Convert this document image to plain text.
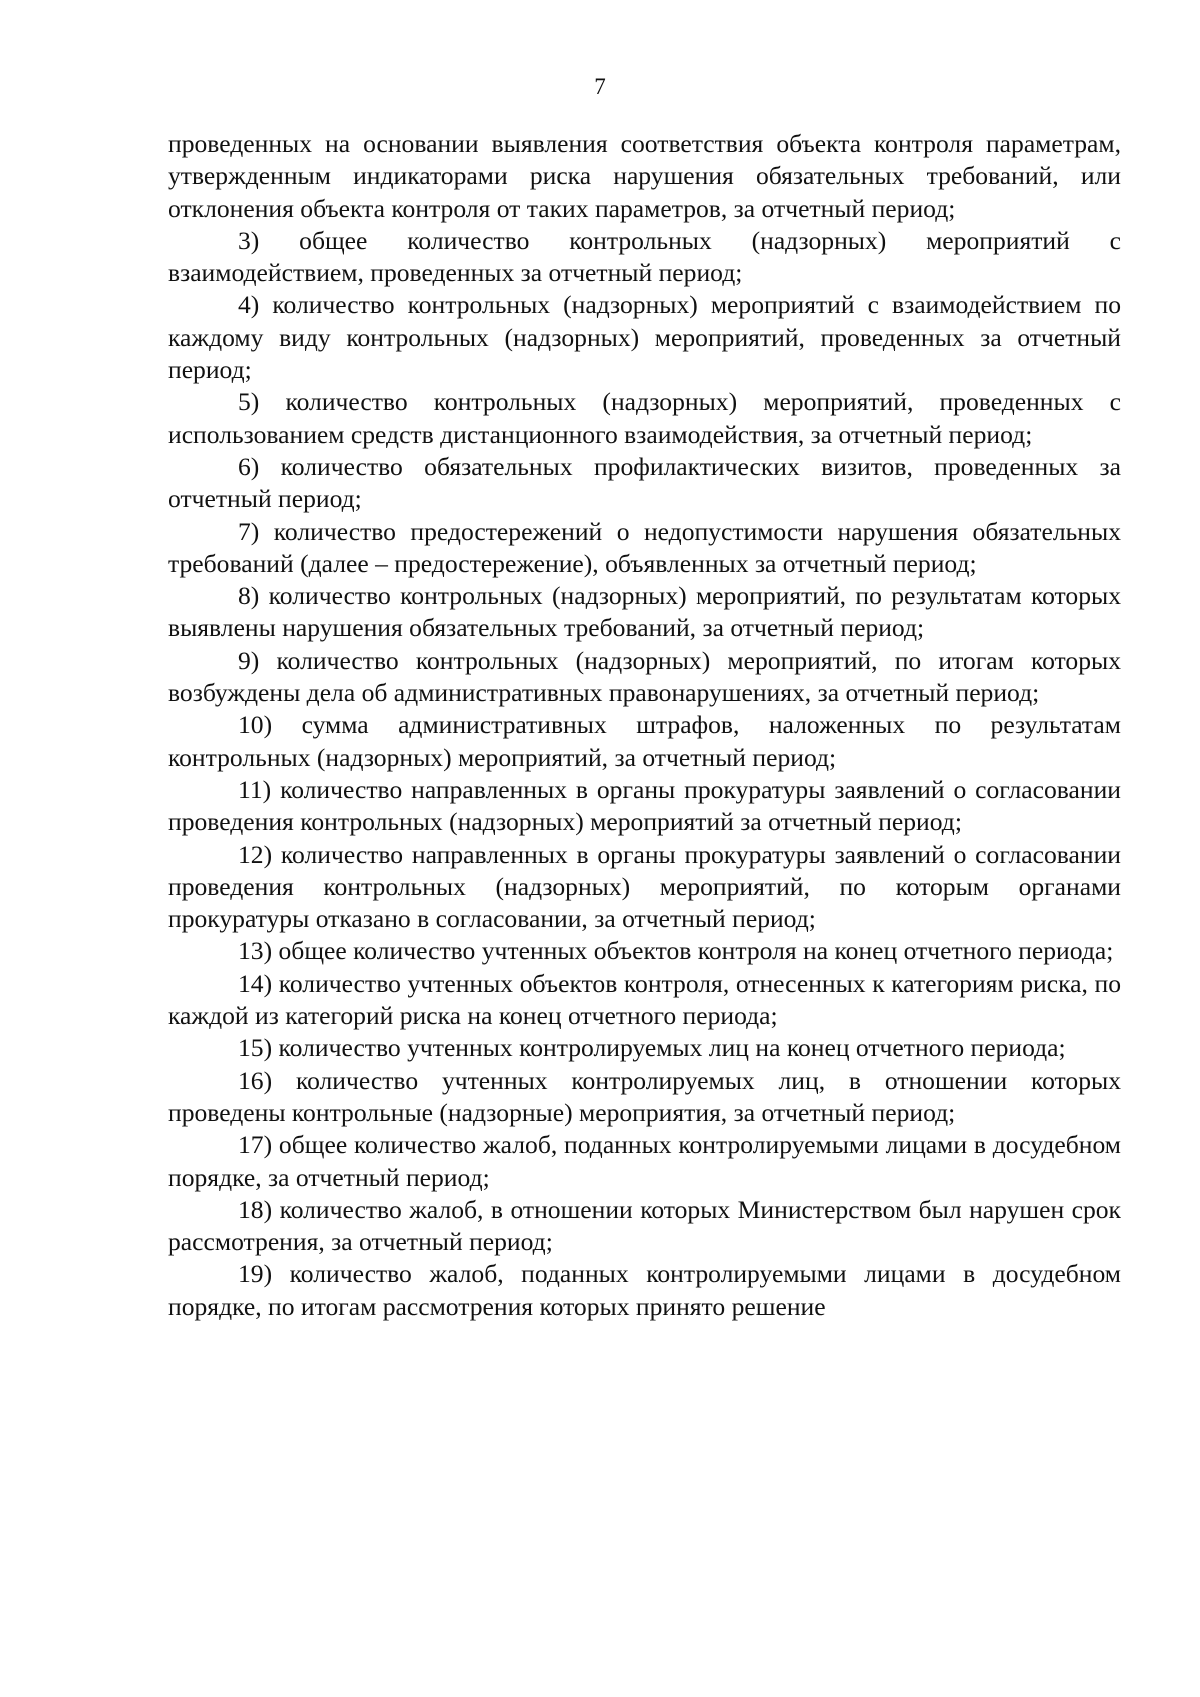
7

проведенных на основании выявления соответствия объекта контроля параметрам, утвержденным индикаторами риска нарушения обязательных требований, или отклонения объекта контроля от таких параметров, за отчетный период;

3) общее количество контрольных (надзорных) мероприятий с взаимодействием, проведенных за отчетный период;

4) количество контрольных (надзорных) мероприятий с взаимодействием по каждому виду контрольных (надзорных) мероприятий, проведенных за отчетный период;

5) количество контрольных (надзорных) мероприятий, проведенных с использованием средств дистанционного взаимодействия, за отчетный период;

6) количество обязательных профилактических визитов, проведенных за отчетный период;

7) количество предостережений о недопустимости нарушения обязательных требований (далее – предостережение), объявленных за отчетный период;

8) количество контрольных (надзорных) мероприятий, по результатам которых выявлены нарушения обязательных требований, за отчетный период;

9) количество контрольных (надзорных) мероприятий, по итогам которых возбуждены дела об административных правонарушениях, за отчетный период;

10) сумма административных штрафов, наложенных по результатам контрольных (надзорных) мероприятий, за отчетный период;

11) количество направленных в органы прокуратуры заявлений о согласовании проведения контрольных (надзорных) мероприятий за отчетный период;

12) количество направленных в органы прокуратуры заявлений о согласовании проведения контрольных (надзорных) мероприятий, по которым органами прокуратуры отказано в согласовании, за отчетный период;

13) общее количество учтенных объектов контроля на конец отчетного периода;

14) количество учтенных объектов контроля, отнесенных к категориям риска, по каждой из категорий риска на конец отчетного периода;

15) количество учтенных контролируемых лиц на конец отчетного периода;

16) количество учтенных контролируемых лиц, в отношении которых проведены контрольные (надзорные) мероприятия, за отчетный период;

17) общее количество жалоб, поданных контролируемыми лицами в досудебном порядке, за отчетный период;

18) количество жалоб, в отношении которых Министерством был нарушен срок рассмотрения, за отчетный период;

19) количество жалоб, поданных контролируемыми лицами в досудебном порядке, по итогам рассмотрения которых принято решение
